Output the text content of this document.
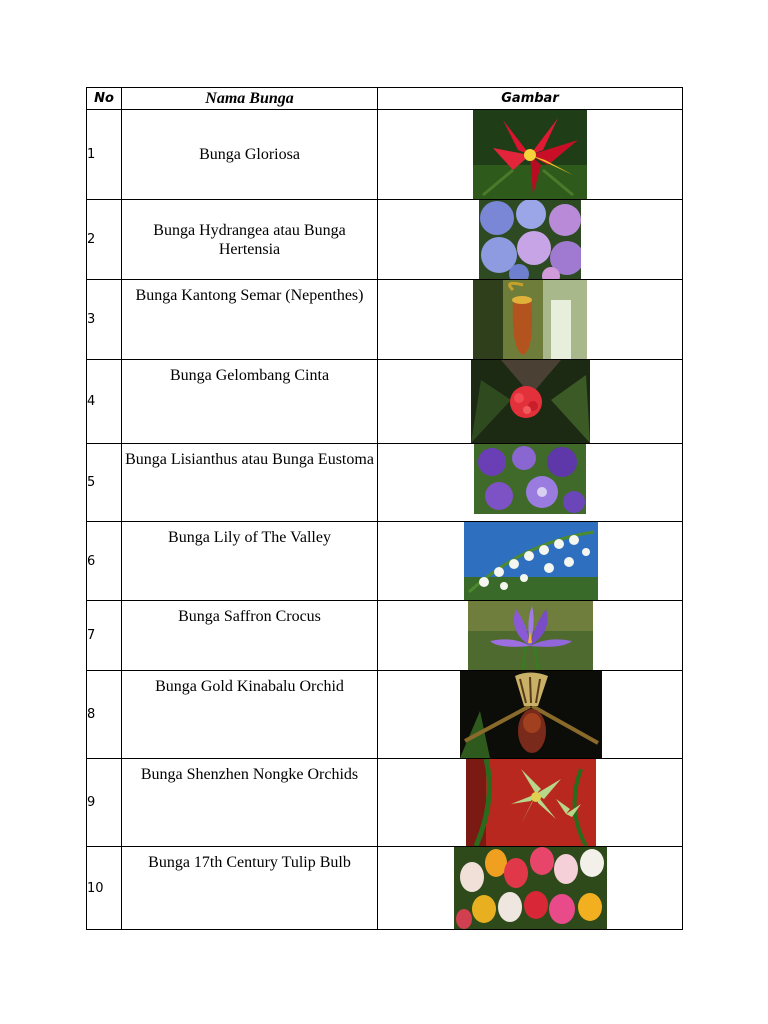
No	Nama Bunga	Gambar
1	Bunga Gloriosa	

2	Bunga Hydrangea atau Bunga Hertensia	

3	Bunga Kantong Semar (Nepenthes)	

4	Bunga Gelombang Cinta	

5	Bunga Lisianthus atau Bunga Eustoma	

6	Bunga Lily of The Valley	

7	Bunga Saffron Crocus	

8	Bunga Gold Kinabalu Orchid	

9	Bunga Shenzhen Nongke Orchids	

10	Bunga 17th Century Tulip Bulb	
